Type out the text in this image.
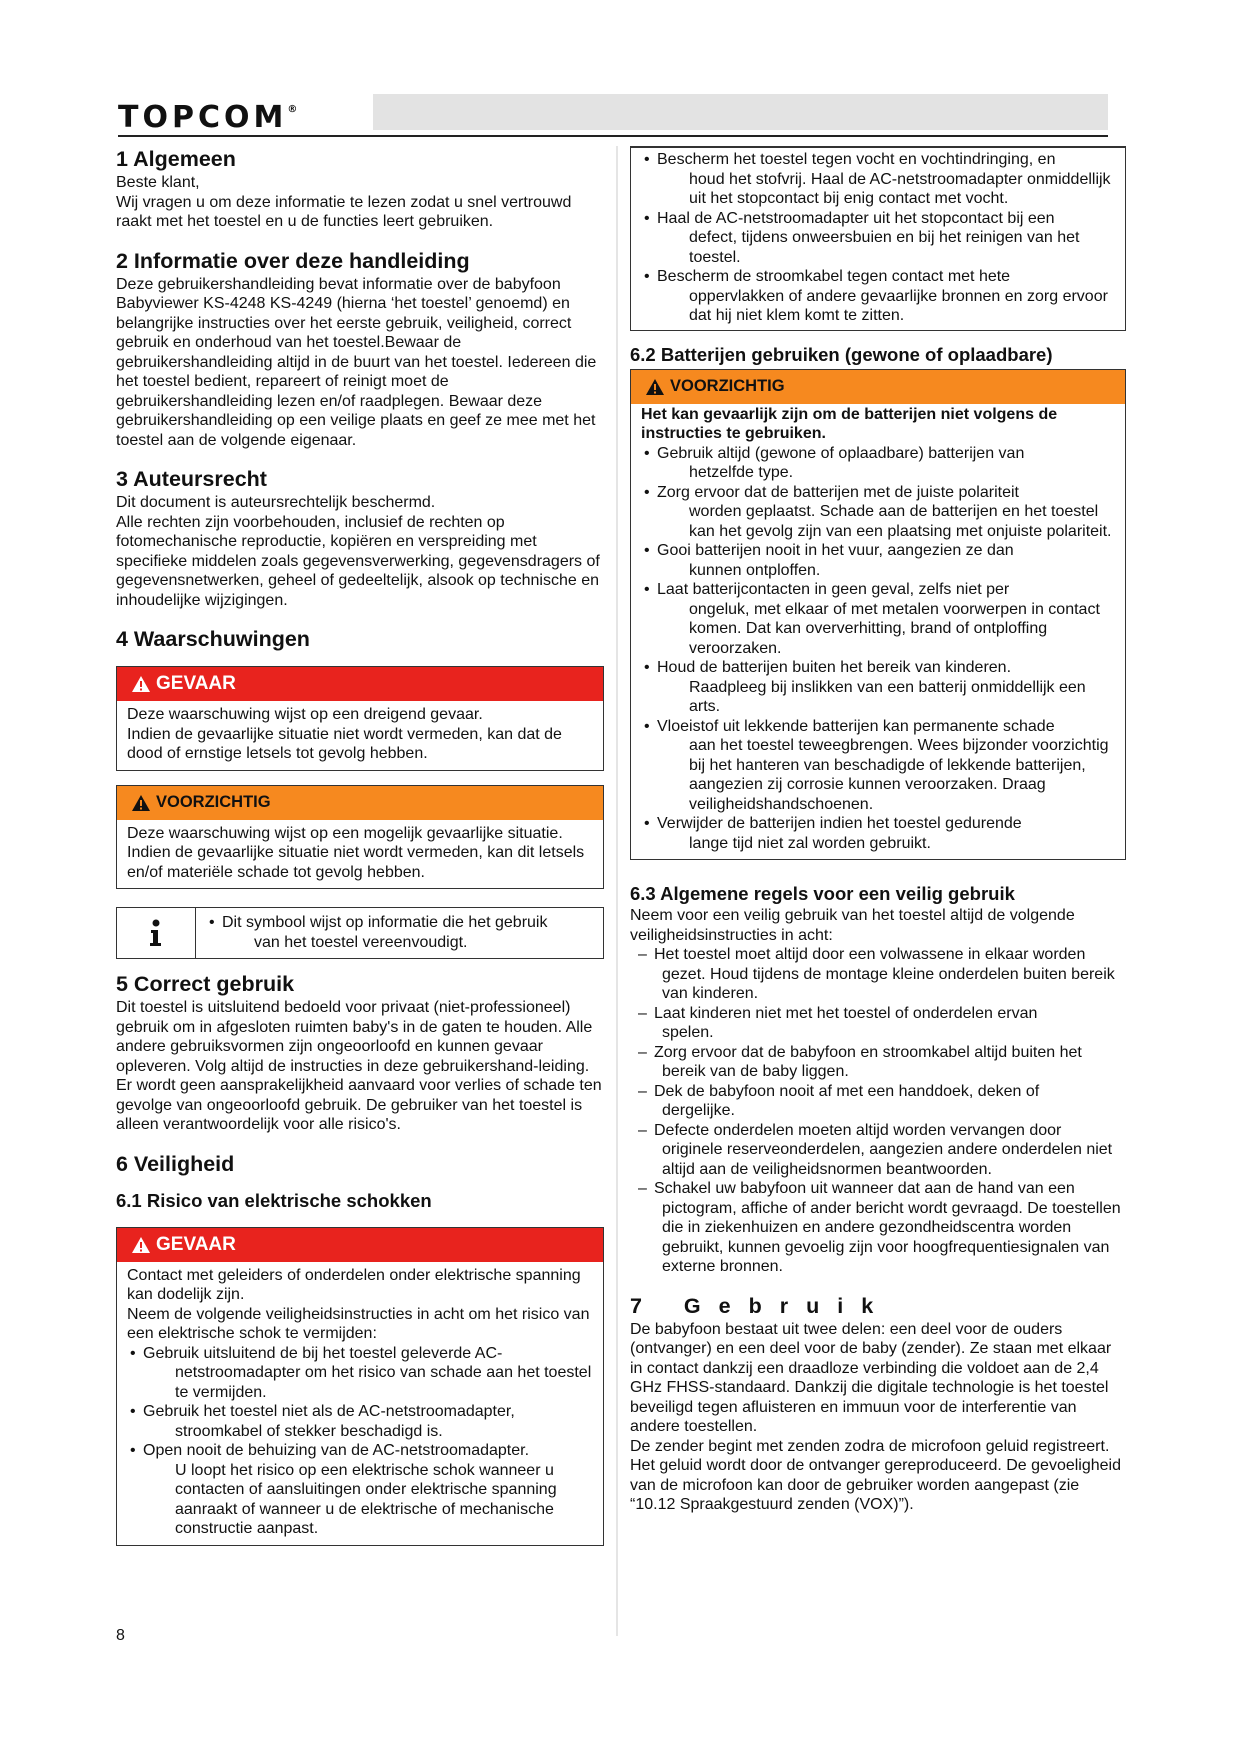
TOPCOM®
1 Algemeen

Beste klant,

Wij vragen u om deze informatie te lezen zodat u snel vertrouwd raakt met het toestel en u de functies leert gebruiken.

2 Informatie over deze handleiding

Deze gebruikershandleiding bevat informatie over de babyfoon Babyviewer KS-4248 KS-4249 (hierna ‘het toestel’ genoemd) en belangrijke instructies over het eerste gebruik, veiligheid, correct gebruik en onderhoud van het toestel.Bewaar de gebruikershandleiding altijd in de buurt van het toestel. Iedereen die het toestel bedient, repareert of reinigt moet de gebruikershandleiding lezen en/of raadplegen. Bewaar deze gebruikershandleiding op een veilige plaats en geef ze mee met het toestel aan de volgende eigenaar.

3 Auteursrecht

Dit document is auteursrechtelijk beschermd.

Alle rechten zijn voorbehouden, inclusief de rechten op fotomechanische reproductie, kopiëren en verspreiding met specifieke middelen zoals gegevensverwerking, gegevensdragers of gegevensnetwerken, geheel of gedeeltelijk, alsook op technische en inhoudelijke wijzigingen.

4 Waarschuwingen
GEVAAR

Deze waarschuwing wijst op een dreigend gevaar.

Indien de gevaarlijke situatie niet wordt vermeden, kan dat de dood of ernstige letsels tot gevolg hebben.

VOORZICHTIG

Deze waarschuwing wijst op een mogelijk gevaarlijke situatie.

Indien de gevaarlijke situatie niet wordt vermeden, kan dit letsels en/of materiële schade tot gevolg hebben.

• Dit symbool wijst op informatie die het gebruik
van het toestel vereenvoudigt.
5 Correct gebruik

Dit toestel is uitsluitend bedoeld voor privaat (niet-professioneel) gebruik om in afgesloten ruimten baby's in de gaten te houden. Alle andere gebruiksvormen zijn ongeoorloofd en kunnen gevaar opleveren. Volg altijd de instructies in deze gebruikershand-leiding. Er wordt geen aansprakelijkheid aanvaard voor verlies of schade ten gevolge van ongeoorloofd gebruik. De gebruiker van het toestel is alleen verantwoordelijk voor alle risico's.

6 Veiligheid
6.1 Risico van elektrische schokken
GEVAAR

Contact met geleiders of onderdelen onder elektrische spanning kan dodelijk zijn.

Neem de volgende veiligheidsinstructies in acht om het risico van een elektrische schok te vermijden:

• Gebruik uitsluitend de bij het toestel geleverde AC-
netstroomadapter om het risico van schade aan het toestel te vermijden.
• Gebruik het toestel niet als de AC-netstroomadapter,
stroomkabel of stekker beschadigd is.
• Open nooit de behuizing van de AC-netstroomadapter.
U loopt het risico op een elektrische schok wanneer u contacten of aansluitingen onder elektrische spanning aanraakt of wanneer u de elektrische of mechanische constructie aanpast.
• Bescherm het toestel tegen vocht en vochtindringing, en
houd het stofvrij. Haal de AC-netstroomadapter onmiddellijk uit het stopcontact bij enig contact met vocht.
• Haal de AC-netstroomadapter uit het stopcontact bij een
defect, tijdens onweersbuien en bij het reinigen van het toestel.
• Bescherm de stroomkabel tegen contact met hete
oppervlakken of andere gevaarlijke bronnen en zorg ervoor dat hij niet klem komt te zitten.
6.2 Batterijen gebruiken (gewone of oplaadbare)
VOORZICHTIG

Het kan gevaarlijk zijn om de batterijen niet volgens de instructies te gebruiken.

• Gebruik altijd (gewone of oplaadbare) batterijen van
hetzelfde type.
• Zorg ervoor dat de batterijen met de juiste polariteit
worden geplaatst. Schade aan de batterijen en het toestel kan het gevolg zijn van een plaatsing met onjuiste polariteit.
• Gooi batterijen nooit in het vuur, aangezien ze dan
kunnen ontploffen.
• Laat batterijcontacten in geen geval, zelfs niet per
ongeluk, met elkaar of met metalen voorwerpen in contact komen. Dat kan oververhitting, brand of ontploffing veroorzaken.
• Houd de batterijen buiten het bereik van kinderen.
Raadpleeg bij inslikken van een batterij onmiddellijk een arts.
• Vloeistof uit lekkende batterijen kan permanente schade
aan het toestel teweegbrengen. Wees bijzonder voorzichtig bij het hanteren van beschadigde of lekkende batterijen, aangezien zij corrosie kunnen veroorzaken. Draag veiligheidshandschoenen.
• Verwijder de batterijen indien het toestel gedurende
lange tijd niet zal worden gebruikt.
6.3 Algemene regels voor een veilig gebruik

Neem voor een veilig gebruik van het toestel altijd de volgende veiligheidsinstructies in acht:

– Het toestel moet altijd door een volwassene in elkaar worden
gezet. Houd tijdens de montage kleine onderdelen buiten bereik van kinderen.
– Laat kinderen niet met het toestel of onderdelen ervan
spelen.
– Zorg ervoor dat de babyfoon en stroomkabel altijd buiten het
bereik van de baby liggen.
– Dek de babyfoon nooit af met een handdoek, deken of
dergelijke.
– Defecte onderdelen moeten altijd worden vervangen door
originele reserveonderdelen, aangezien andere onderdelen niet altijd aan de veiligheidsnormen beantwoorden.
– Schakel uw babyfoon uit wanneer dat aan de hand van een
pictogram, affiche of ander bericht wordt gevraagd. De toestellen die in ziekenhuizen en andere gezondheidscentra worden gebruikt, kunnen gevoelig zijn voor hoogfrequentiesignalen van externe bronnen.
7 Gebruik

De babyfoon bestaat uit twee delen: een deel voor de ouders (ontvanger) en een deel voor de baby (zender). Ze staan met elkaar in contact dankzij een draadloze verbinding die voldoet aan de 2,4 GHz FHSS-standaard. Dankzij die digitale technologie is het toestel beveiligd tegen afluisteren en immuun voor de interferentie van andere toestellen.

De zender begint met zenden zodra de microfoon geluid registreert. Het geluid wordt door de ontvanger gereproduceerd. De gevoeligheid van de microfoon kan door de gebruiker worden aangepast (zie “10.12 Spraakgestuurd zenden (VOX)”).

8
